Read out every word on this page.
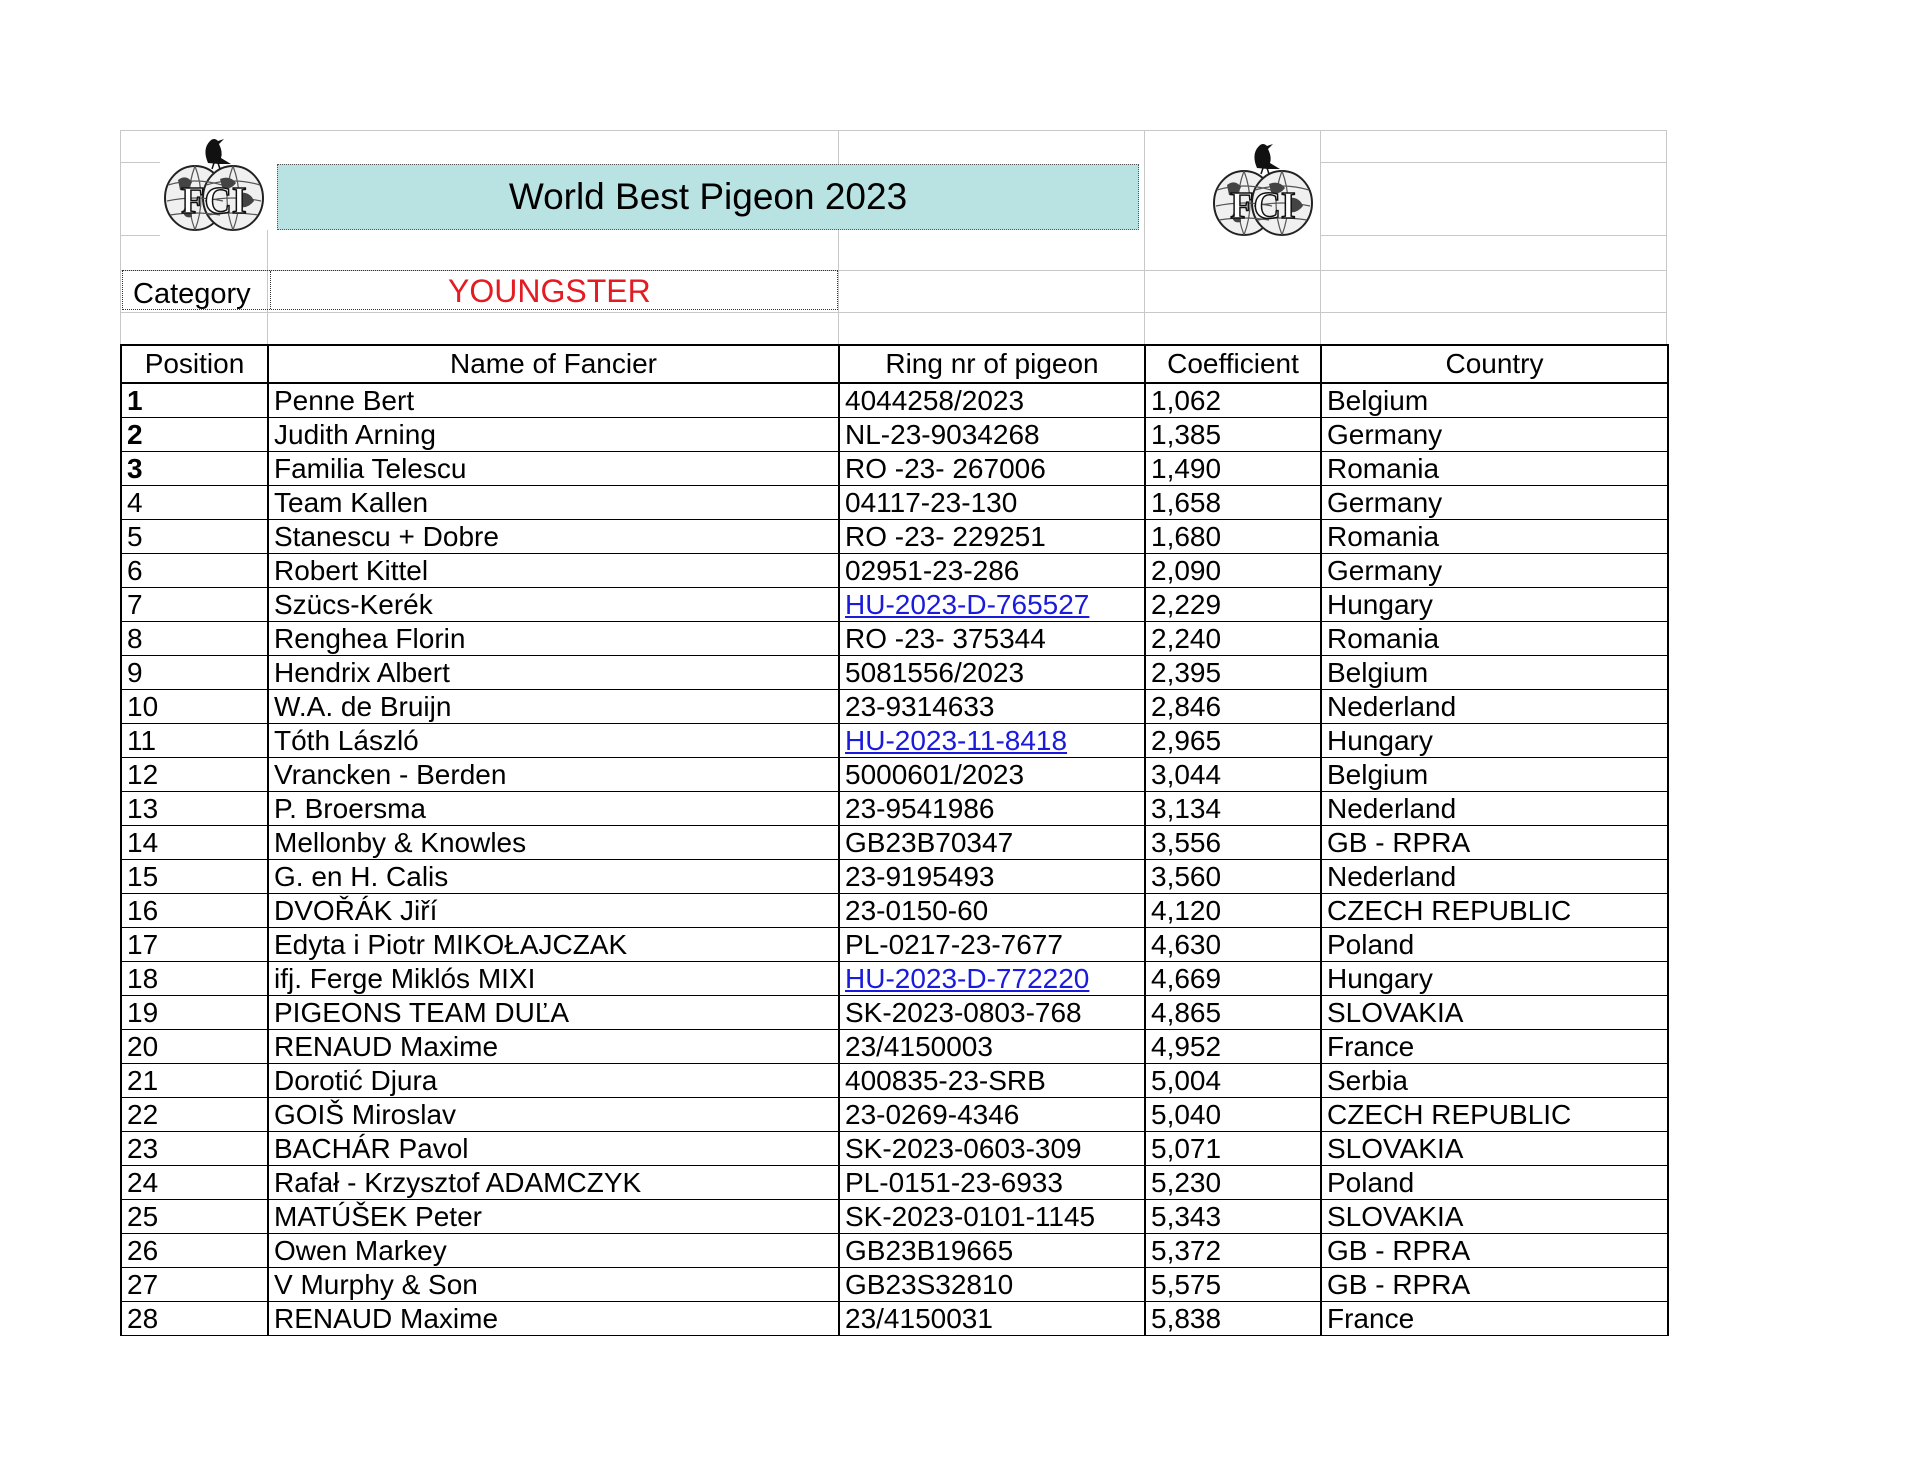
FCI	World Best Pigeon 2023	FCI
Category	YOUNGSTER
Position	Name of Fancier	Ring nr of pigeon	Coefficient	Country
1	Penne Bert	4044258/2023	1,062	Belgium
2	Judith Arning	NL-23-9034268	1,385	Germany
3	Familia Telescu	RO -23- 267006	1,490	Romania
4	Team Kallen	04117-23-130	1,658	Germany
5	Stanescu + Dobre	RO -23- 229251	1,680	Romania
6	Robert Kittel	02951-23-286	2,090	Germany
7	Szücs-Kerék	HU-2023-D-765527	2,229	Hungary
8	Renghea Florin	RO -23- 375344	2,240	Romania
9	Hendrix Albert	5081556/2023	2,395	Belgium
10	W.A. de Bruijn	23-9314633	2,846	Nederland
11	Tóth László	HU-2023-11-8418	2,965	Hungary
12	Vrancken - Berden	5000601/2023	3,044	Belgium
13	P. Broersma	23-9541986	3,134	Nederland
14	Mellonby & Knowles	GB23B70347	3,556	GB - RPRA
15	G. en H. Calis	23-9195493	3,560	Nederland
16	DVOŘÁK Jiří	23-0150-60	4,120	CZECH REPUBLIC
17	Edyta i Piotr MIKOŁAJCZAK	PL-0217-23-7677	4,630	Poland
18	ifj. Ferge Miklós MIXI	HU-2023-D-772220	4,669	Hungary
19	PIGEONS TEAM DUĽA	SK-2023-0803-768	4,865	SLOVAKIA
20	RENAUD Maxime	23/4150003	4,952	France
21	Dorotić Djura	400835-23-SRB	5,004	Serbia
22	GOIŠ Miroslav	23-0269-4346	5,040	CZECH REPUBLIC
23	BACHÁR Pavol	SK-2023-0603-309	5,071	SLOVAKIA
24	Rafał - Krzysztof ADAMCZYK	PL-0151-23-6933	5,230	Poland
25	MATÚŠEK Peter	SK-2023-0101-1145	5,343	SLOVAKIA
26	Owen Markey	GB23B19665	5,372	GB - RPRA
27	V Murphy & Son	GB23S32810	5,575	GB - RPRA
28	RENAUD Maxime	23/4150031	5,838	France
